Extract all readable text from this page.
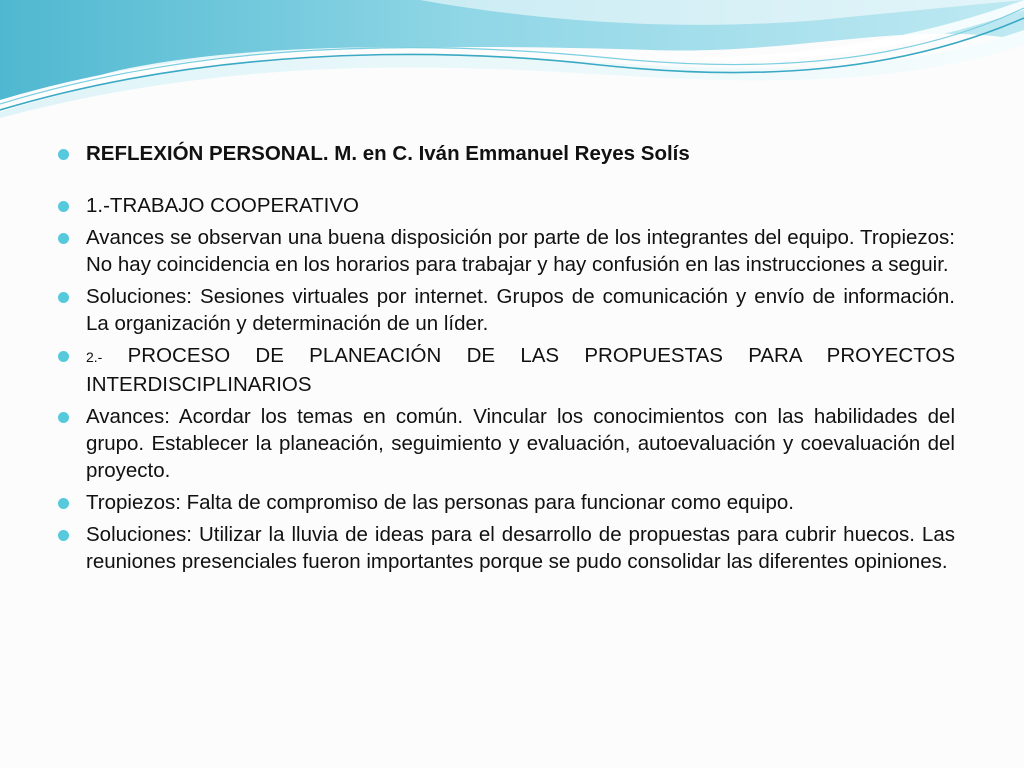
REFLEXIÓN PERSONAL. M. en C. Iván Emmanuel Reyes Solís
1.-TRABAJO COOPERATIVO
Avances se observan una buena disposición por parte de los integrantes del equipo. Tropiezos: No hay coincidencia en los horarios para trabajar y hay confusión en las instrucciones a seguir.
Soluciones: Sesiones virtuales por internet. Grupos de comunicación y envío de información. La organización y determinación de un líder.
2.- PROCESO DE PLANEACIÓN DE LAS PROPUESTAS PARA PROYECTOS INTERDISCIPLINARIOS
Avances: Acordar los temas en común. Vincular los conocimientos con las habilidades del grupo. Establecer la planeación, seguimiento y evaluación, autoevaluación y coevaluación del proyecto.
Tropiezos: Falta de compromiso de las personas para funcionar como equipo.
Soluciones: Utilizar la lluvia de ideas para el desarrollo de propuestas para cubrir huecos. Las reuniones presenciales fueron importantes porque se pudo consolidar las diferentes opiniones.
